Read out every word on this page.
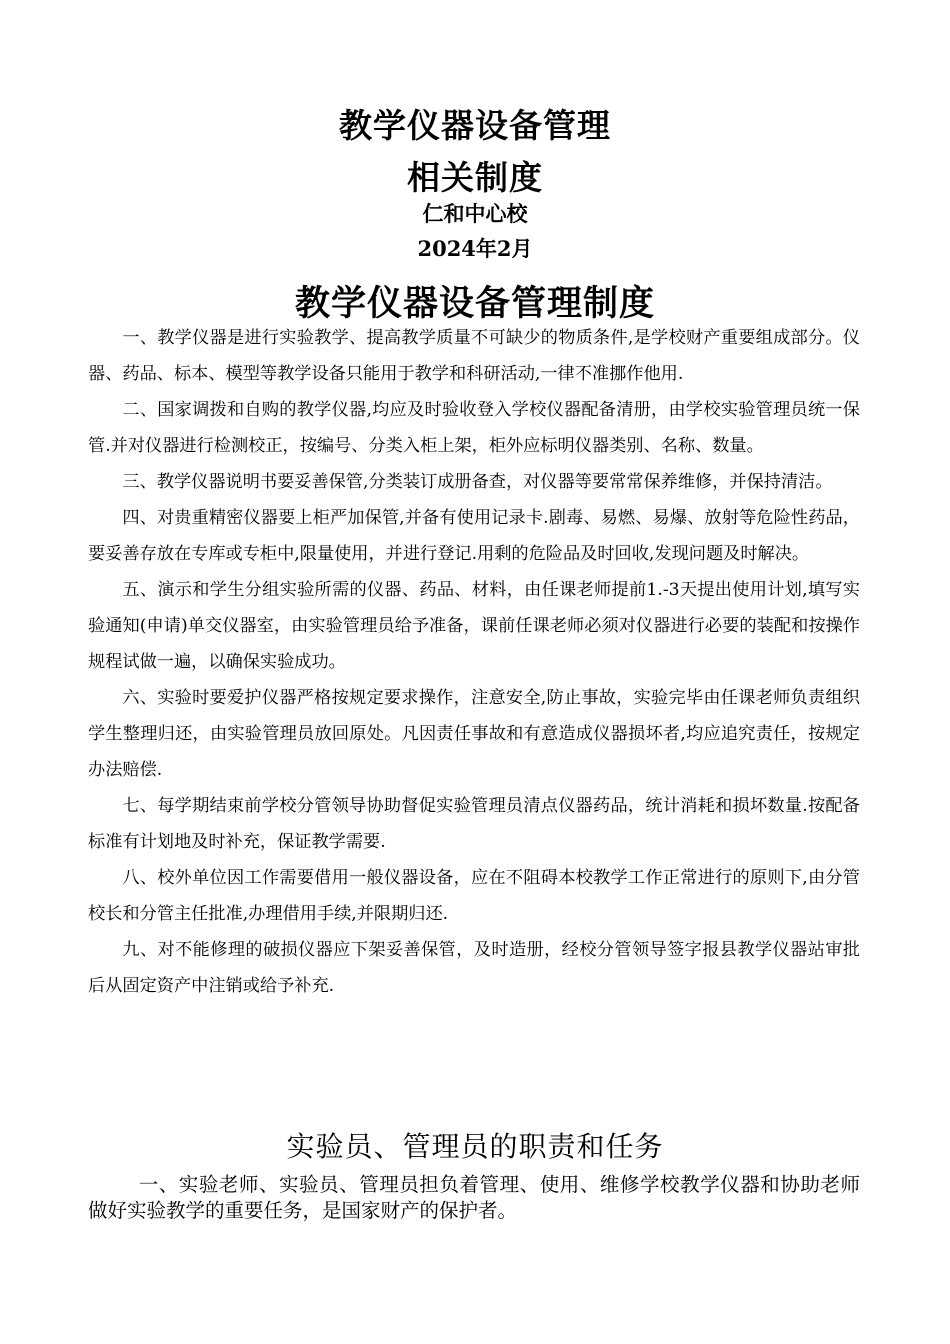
教学仪器设备管理
相关制度
仁和中心校
2024年2月
教学仪器设备管理制度

一、教学仪器是进行实验教学、提高教学质量不可缺少的物质条件,是学校财产重要组成部分。仪器、药品、标本、模型等教学设备只能用于教学和科研活动,一律不准挪作他用.

二、国家调拨和自购的教学仪器,均应及时验收登入学校仪器配备清册，由学校实验管理员统一保管.并对仪器进行检测校正，按编号、分类入柜上架，柜外应标明仪器类别、名称、数量。

三、教学仪器说明书要妥善保管,分类装订成册备查，对仪器等要常常保养维修，并保持清洁。

四、对贵重精密仪器要上柜严加保管,并备有使用记录卡.剧毒、易燃、易爆、放射等危险性药品，要妥善存放在专库或专柜中,限量使用，并进行登记.用剩的危险品及时回收,发现问题及时解决。

五、演示和学生分组实验所需的仪器、药品、材料，由任课老师提前1.-3天提出使用计划,填写实验通知(申请)单交仪器室，由实验管理员给予准备，课前任课老师必须对仪器进行必要的装配和按操作规程试做一遍，以确保实验成功。

六、实验时要爱护仪器严格按规定要求操作，注意安全,防止事故，实验完毕由任课老师负责组织学生整理归还，由实验管理员放回原处。凡因责任事故和有意造成仪器损坏者,均应追究责任，按规定办法赔偿.

七、每学期结束前学校分管领导协助督促实验管理员清点仪器药品，统计消耗和损坏数量.按配备标准有计划地及时补充，保证教学需要.

八、校外单位因工作需要借用一般仪器设备，应在不阻碍本校教学工作正常进行的原则下,由分管校长和分管主任批准,办理借用手续,并限期归还.

九、对不能修理的破损仪器应下架妥善保管，及时造册，经校分管领导签字报县教学仪器站审批后从固定资产中注销或给予补充.

实验员、管理员的职责和任务

一、实验老师、实验员、管理员担负着管理、使用、维修学校教学仪器和协助老师做好实验教学的重要任务，是国家财产的保护者。
